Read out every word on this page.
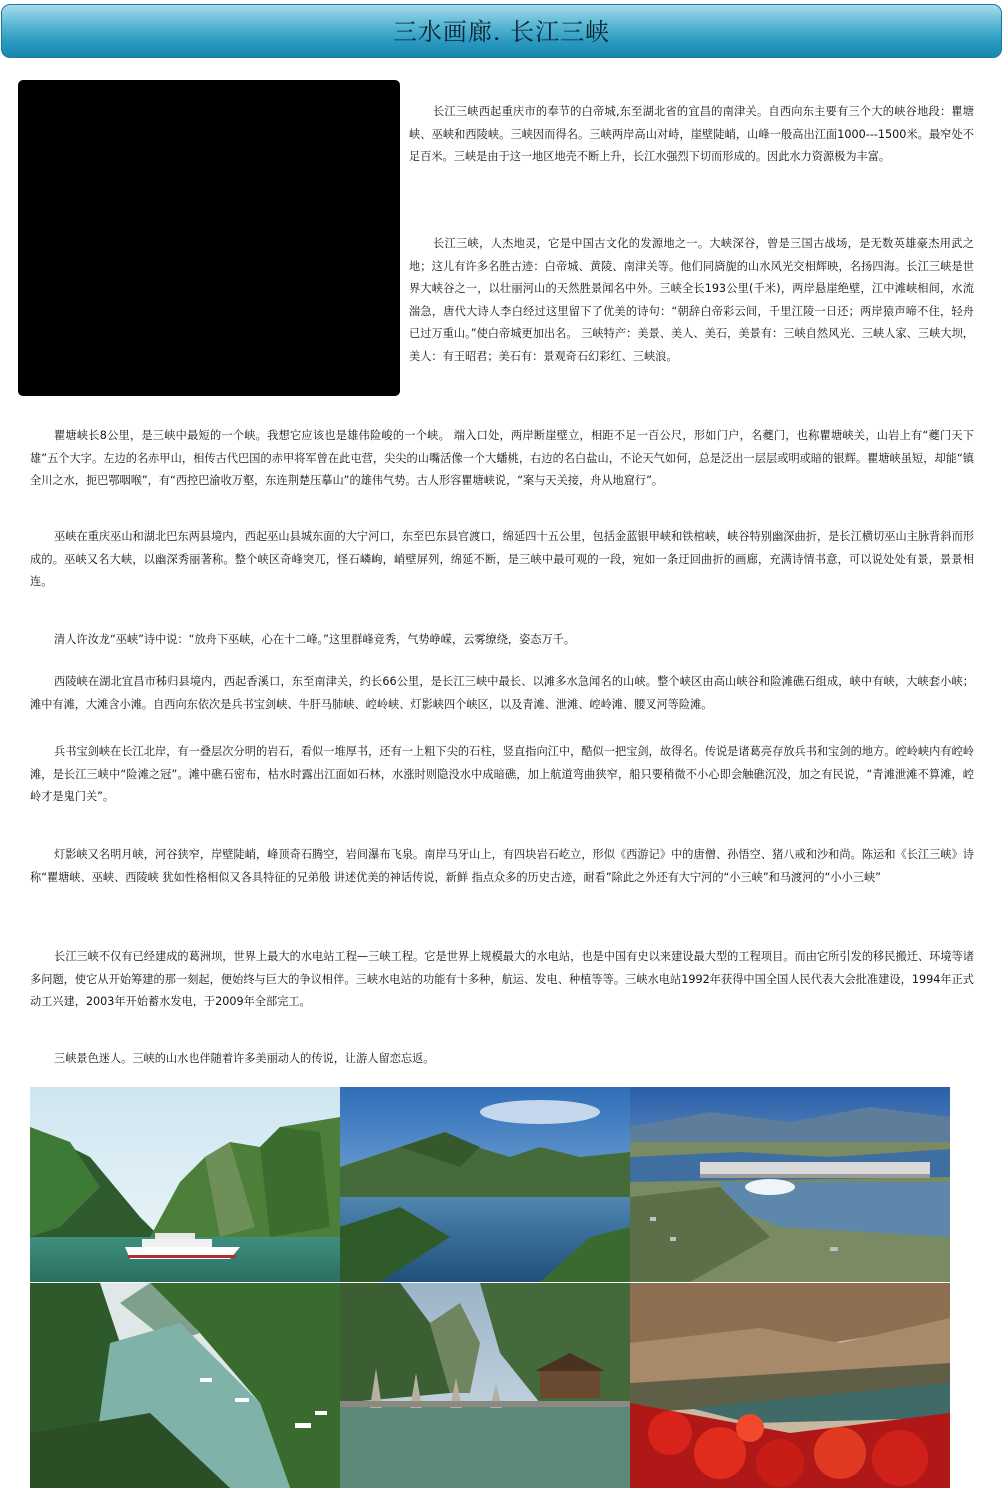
三水画廊. 长江三峡

长江三峡西起重庆市的奉节的白帝城,东至湖北省的宜昌的南津关。自西向东主要有三个大的峡谷地段：瞿塘峡、巫峡和西陵峡。三峡因而得名。三峡两岸高山对峙，崖壁陡峭，山峰一般高出江面1000---1500米。最窄处不足百米。三峡是由于这一地区地壳不断上升，长江水强烈下切而形成的。因此水力资源极为丰富。

长江三峡，人杰地灵，它是中国古文化的发源地之一。大峡深谷，曾是三国古战场，是无数英雄豪杰用武之地；这儿有许多名胜古迹：白帝城、黄陵、南津关等。他们同旖旎的山水风光交相辉映，名扬四海。长江三峡是世界大峡谷之一，以壮丽河山的天然胜景闻名中外。三峡全长193公里(千米)，两岸悬崖绝壁，江中滩峡相间，水流湍急，唐代大诗人李白经过这里留下了优美的诗句：“朝辞白帝彩云间，千里江陵一日还；两岸猿声啼不住，轻舟已过万重山。”使白帝城更加出名。 三峡特产：美景、美人、美石，美景有：三峡自然风光、三峡人家、三峡大坝，美人：有王昭君；美石有：景观奇石幻彩红、三峡浪。

瞿塘峡长8公里，是三峡中最短的一个峡。我想它应该也是雄伟险峻的一个峡。 端入口处，两岸断崖壁立，相距不足一百公尺，形如门户，名夔门，也称瞿塘峡关，山岩上有“夔门天下雄”五个大字。左边的名赤甲山，相传古代巴国的赤甲将军曾在此屯营，尖尖的山嘴活像一个大蟠桃，右边的名白盐山，不论天气如何，总是泛出一层层或明或暗的银辉。瞿塘峡虽短，却能“镇全川之水，扼巴鄂咽喉”，有“西控巴渝收万壑，东连荆楚压摹山”的雄伟气势。古人形容瞿塘峡说，“案与天关接，舟从地窟行”。

巫峡在重庆巫山和湖北巴东两县境内，西起巫山县城东面的大宁河口，东至巴东县官渡口，绵延四十五公里，包括金蓝银甲峡和铁棺峡，峡谷特别幽深曲折，是长江横切巫山主脉背斜而形成的。巫峡又名大峡，以幽深秀丽著称。整个峡区奇峰突兀，怪石嶙峋，峭壁屏列，绵延不断，是三峡中最可观的一段，宛如一条迂回曲折的画廊，充满诗情书意，可以说处处有景，景景相连。

清人许汝龙“巫峡”诗中说：“放舟下巫峡，心在十二峰。”这里群峰竞秀，气势峥嵘，云雾缭绕，姿态万千。

西陵峡在湖北宜昌市秭归县境内，西起香溪口，东至南津关，约长66公里，是长江三峡中最长、以滩多水急闻名的山峡。整个峡区由高山峡谷和险滩礁石组成，峡中有峡，大峡套小峡；滩中有滩，大滩含小滩。自西向东依次是兵书宝剑峡、牛肝马肺峡、崆岭峡、灯影峡四个峡区，以及青滩、泄滩、崆岭滩、腰叉河等险滩。

兵书宝剑峡在长江北岸，有一叠层次分明的岩石，看似一堆厚书，还有一上粗下尖的石柱，竖直指向江中，酷似一把宝剑，故得名。传说是诸葛亮存放兵书和宝剑的地方。崆岭峡内有崆岭滩，是长江三峡中“险滩之冠”。滩中礁石密布，枯水时露出江面如石林，水涨时则隐没水中成暗礁，加上航道弯曲狭窄，船只要稍微不小心即会触礁沉没，加之有民说，“青滩泄滩不算滩，崆岭才是鬼门关”。

灯影峡又名明月峡，河谷狭窄，岸壁陡峭，峰顶奇石腾空，岩间瀑布飞泉。南岸马牙山上，有四块岩石屹立，形似《西游记》中的唐僧、孙悟空、猪八戒和沙和尚。陈运和《长江三峡》诗称“瞿塘峡、巫峡、西陵峡 犹如性格相似又各具特征的兄弟般 讲述优美的神话传说，新鲜 指点众多的历史古迹，耐看”除此之外还有大宁河的“小三峡”和马渡河的“小小三峡”

长江三峡不仅有已经建成的葛洲坝，世界上最大的水电站工程—三峡工程。它是世界上规模最大的水电站，也是中国有史以来建设最大型的工程项目。而由它所引发的移民搬迁、环境等诸多问题，使它从开始筹建的那一刻起，便始终与巨大的争议相伴。三峡水电站的功能有十多种，航运、发电、种植等等。三峡水电站1992年获得中国全国人民代表大会批准建设，1994年正式动工兴建，2003年开始蓄水发电，于2009年全部完工。

三峡景色迷人。三峡的山水也伴随着许多美丽动人的传说，让游人留恋忘返。
